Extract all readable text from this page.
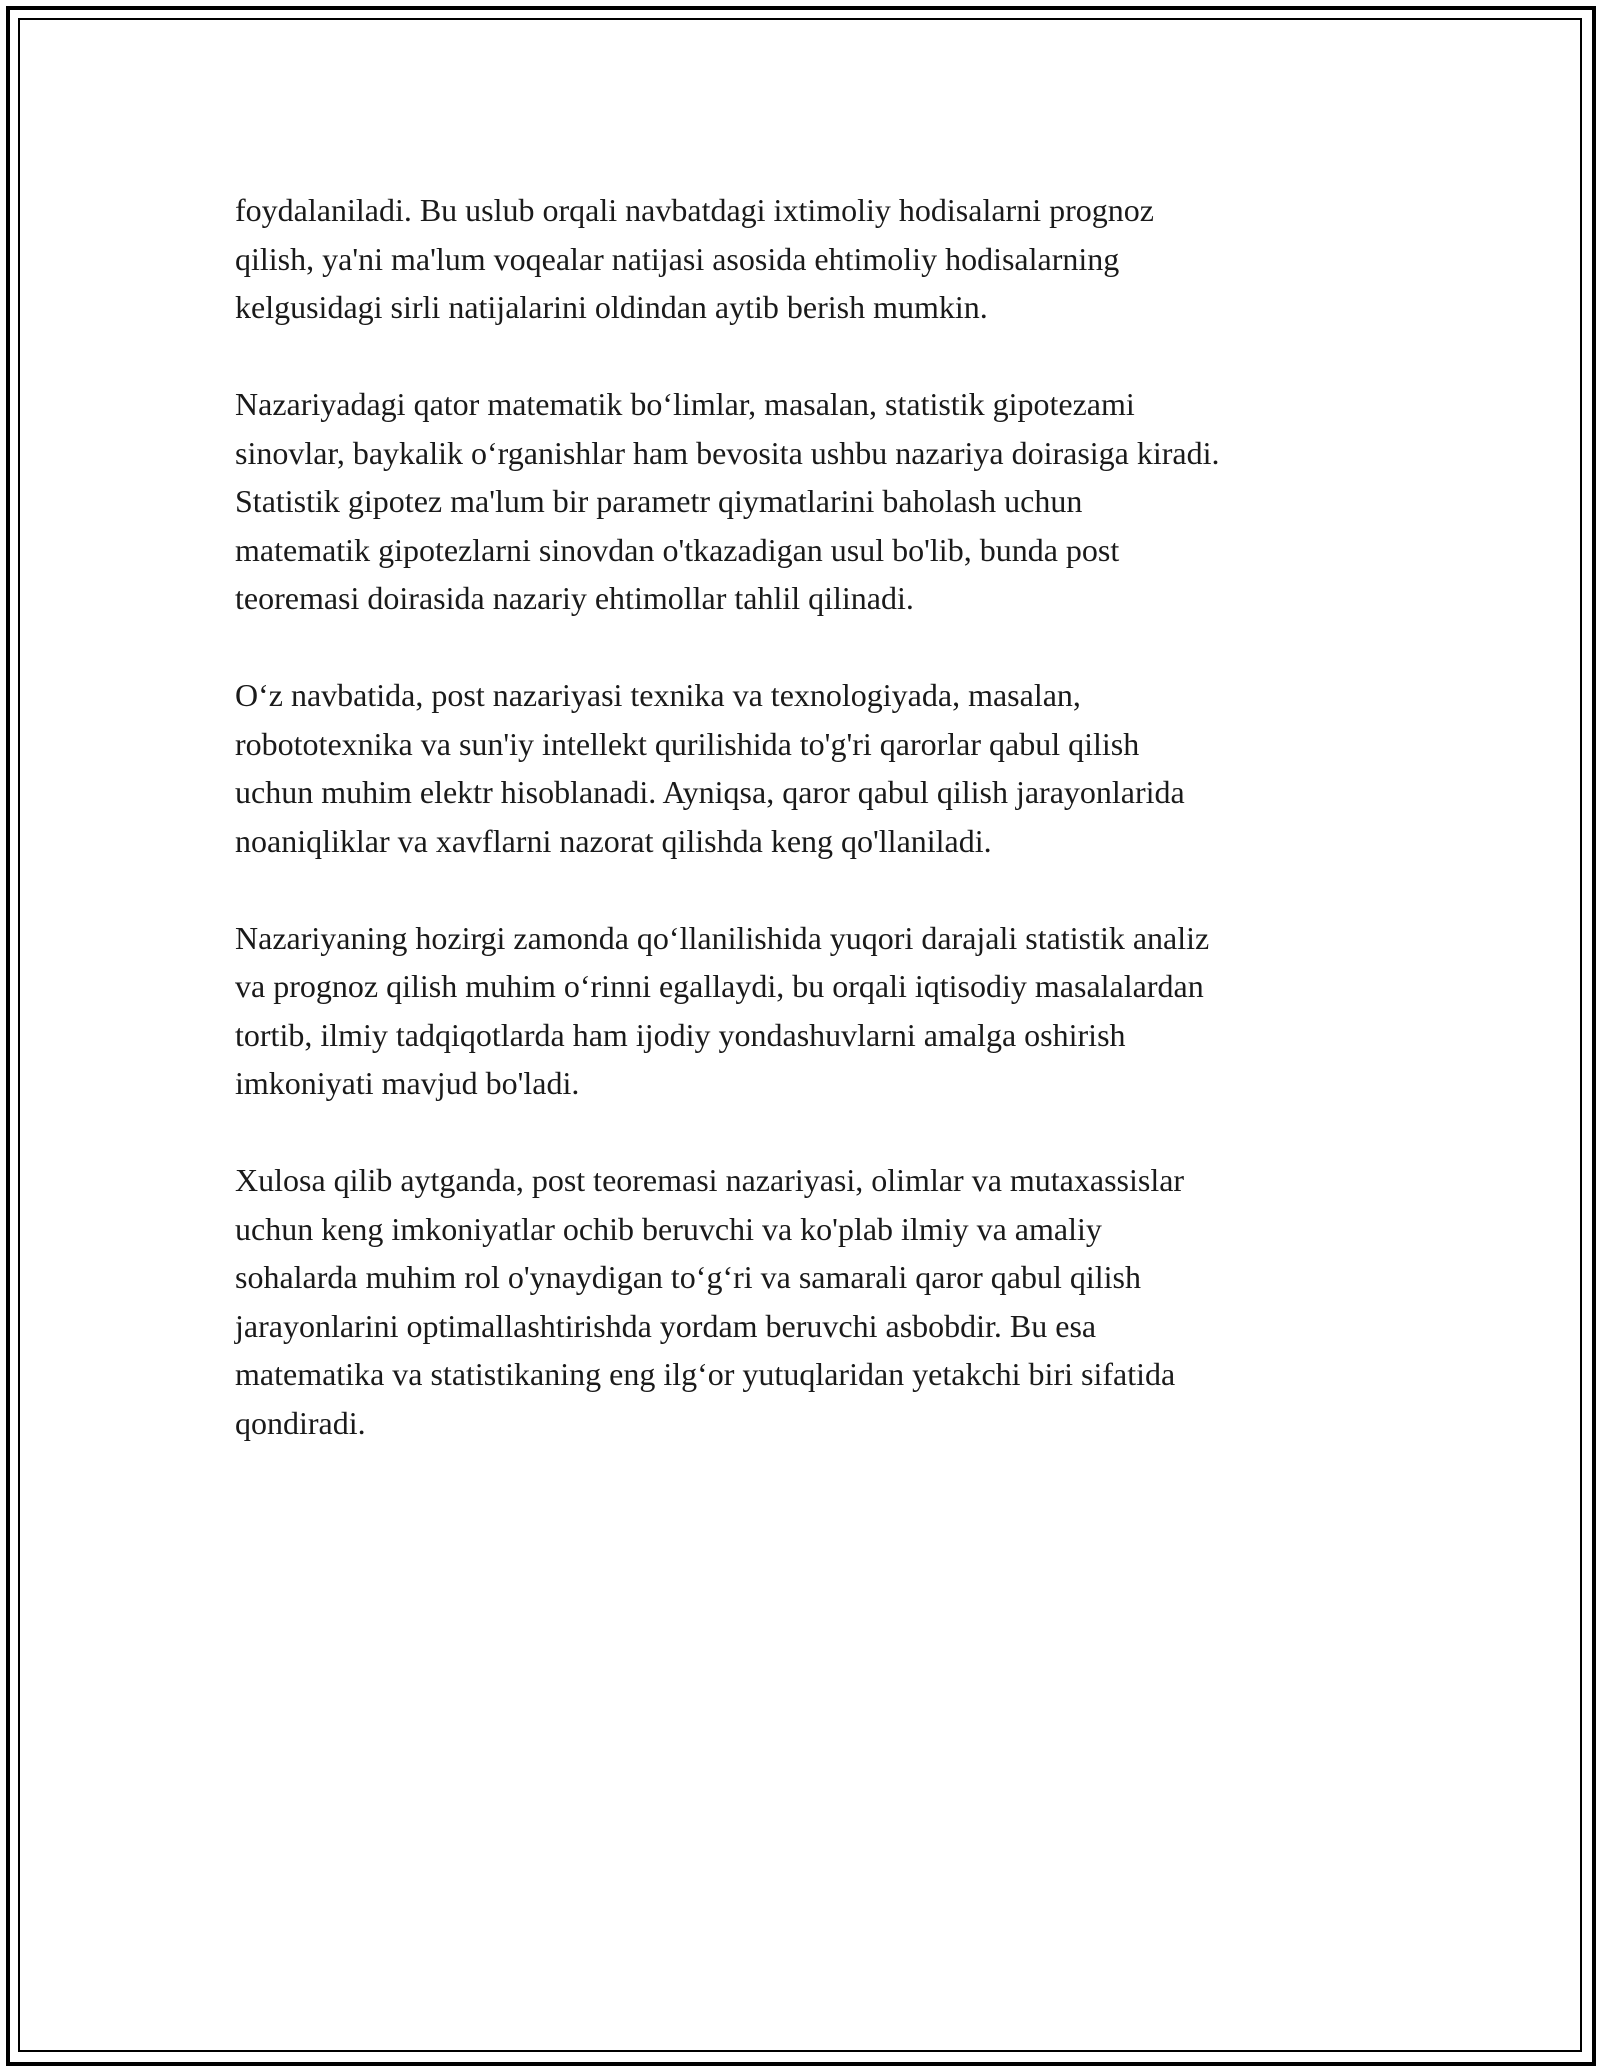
foydalaniladi. Bu uslub orqali navbatdagi ixtimoliy hodisalarni prognoz
qilish, ya'ni ma'lum voqealar natijasi asosida ehtimoliy hodisalarning
kelgusidagi sirli natijalarini oldindan aytib berish mumkin.

Nazariyadagi qator matematik bo‘limlar, masalan, statistik gipotezami
sinovlar, baykalik o‘rganishlar ham bevosita ushbu nazariya doirasiga kiradi.
Statistik gipotez ma'lum bir parametr qiymatlarini baholash uchun
matematik gipotezlarni sinovdan o'tkazadigan usul bo'lib, bunda post
teoremasi doirasida nazariy ehtimollar tahlil qilinadi.

O‘z navbatida, post nazariyasi texnika va texnologiyada, masalan,
robototexnika va sun'iy intellekt qurilishida to'g'ri qarorlar qabul qilish
uchun muhim elektr hisoblanadi. Ayniqsa, qaror qabul qilish jarayonlarida
noaniqliklar va xavflarni nazorat qilishda keng qo'llaniladi.

Nazariyaning hozirgi zamonda qo‘llanilishida yuqori darajali statistik analiz
va prognoz qilish muhim o‘rinni egallaydi, bu orqali iqtisodiy masalalardan
tortib, ilmiy tadqiqotlarda ham ijodiy yondashuvlarni amalga oshirish
imkoniyati mavjud bo'ladi.

Xulosa qilib aytganda, post teoremasi nazariyasi, olimlar va mutaxassislar
uchun keng imkoniyatlar ochib beruvchi va ko'plab ilmiy va amaliy
sohalarda muhim rol o'ynaydigan to‘g‘ri va samarali qaror qabul qilish
jarayonlarini optimallashtirishda yordam beruvchi asbobdir. Bu esa
matematika va statistikaning eng ilg‘or yutuqlaridan yetakchi biri sifatida
qondiradi.
